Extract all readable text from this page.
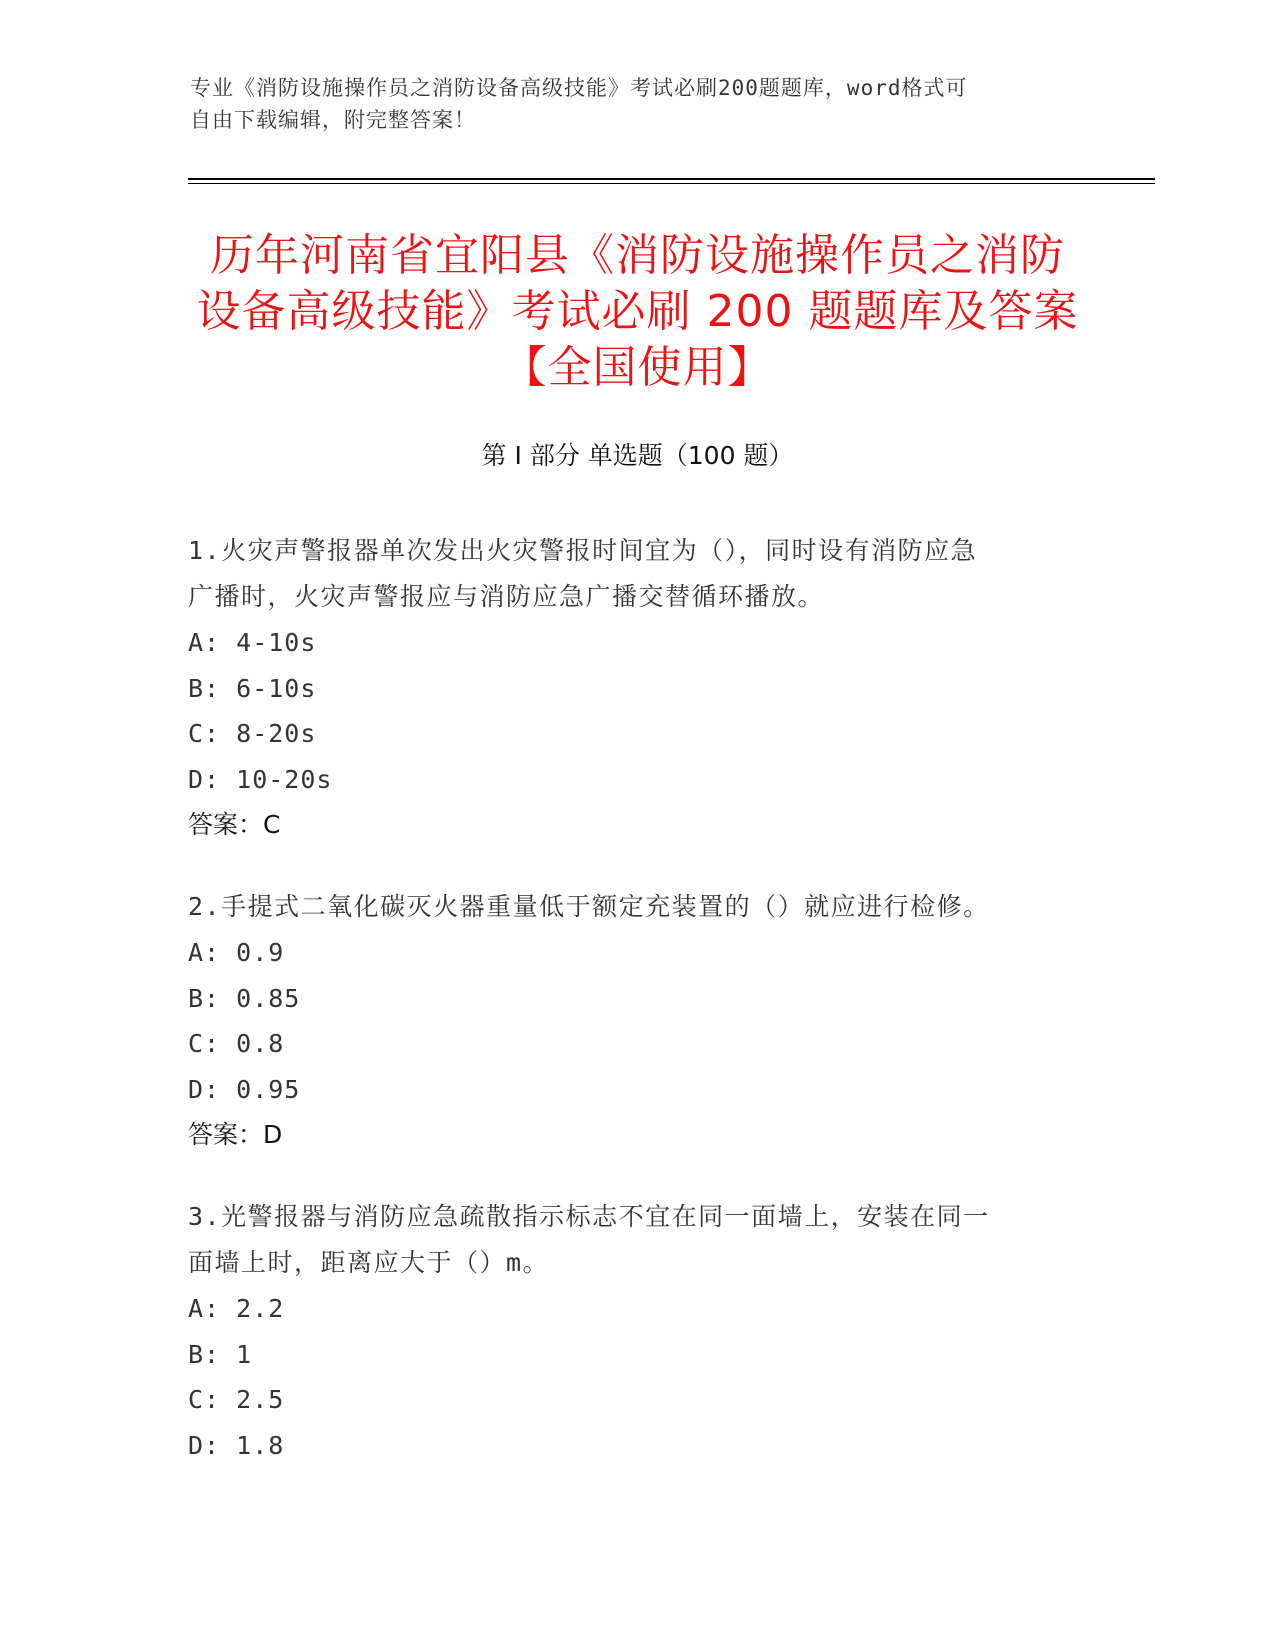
专业《消防设施操作员之消防设备高级技能》考试必刷200题题库，word格式可
自由下载编辑，附完整答案！
历年河南省宜阳县《消防设施操作员之消防
设备高级技能》考试必刷 200 题题库及答案
【全国使用】
第 I 部分 单选题（100 题）
1.火灾声警报器单次发出火灾警报时间宜为（），同时设有消防应急
广播时，火灾声警报应与消防应急广播交替循环播放。
A: 4-10s
B: 6-10s
C: 8-20s
D: 10-20s
答案：C
2.手提式二氧化碳灭火器重量低于额定充装置的（）就应进行检修。
A: 0.9
B: 0.85
C: 0.8
D: 0.95
答案：D
3.光警报器与消防应急疏散指示标志不宜在同一面墙上，安装在同一
面墙上时，距离应大于（）m。
A: 2.2
B: 1
C: 2.5
D: 1.8
